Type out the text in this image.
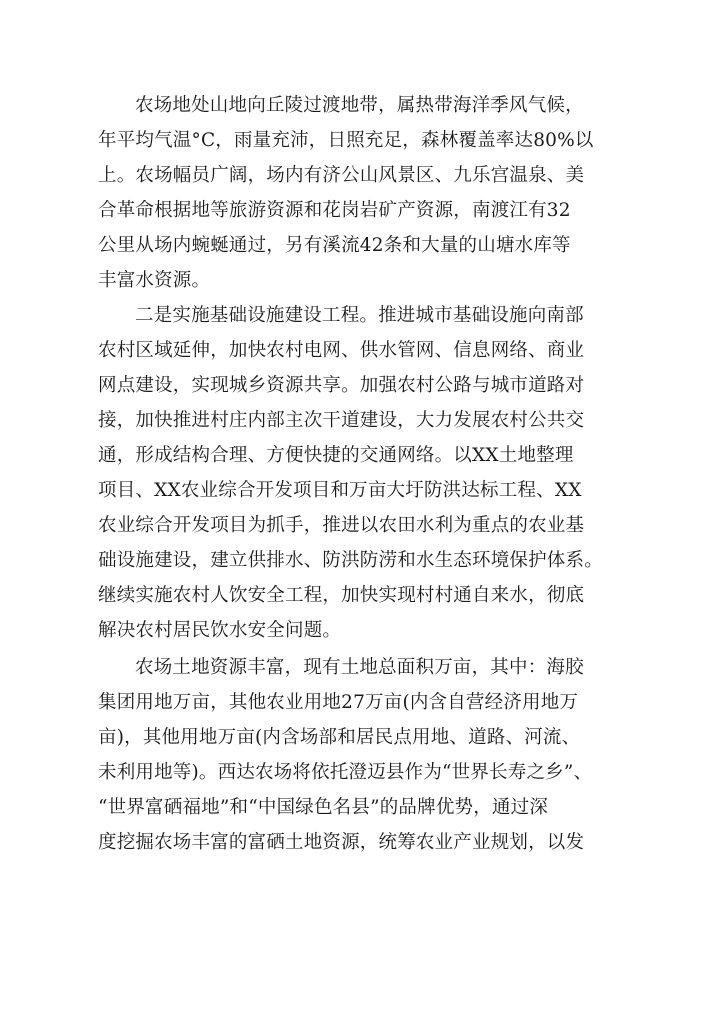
农场地处山地向丘陵过渡地带，属热带海洋季风气候，
年平均气温°C，雨量充沛，日照充足，森林覆盖率达80%以
上。农场幅员广阔，场内有济公山风景区、九乐宫温泉、美
合革命根据地等旅游资源和花岗岩矿产资源，南渡江有32
公里从场内蜿蜒通过，另有溪流42条和大量的山塘水库等
丰富水资源。
二是实施基础设施建设工程。推进城市基础设施向南部
农村区域延伸，加快农村电网、供水管网、信息网络、商业
网点建设，实现城乡资源共享。加强农村公路与城市道路对
接，加快推进村庄内部主次干道建设，大力发展农村公共交
通，形成结构合理、方便快捷的交通网络。以XX土地整理
项目、XX农业综合开发项目和万亩大圩防洪达标工程、XX
农业综合开发项目为抓手，推进以农田水利为重点的农业基
础设施建设，建立供排水、防洪防涝和水生态环境保护体系。
继续实施农村人饮安全工程，加快实现村村通自来水，彻底
解决农村居民饮水安全问题。
农场土地资源丰富，现有土地总面积万亩，其中：海胶
集团用地万亩，其他农业用地27万亩(内含自营经济用地万
亩)，其他用地万亩(内含场部和居民点用地、道路、河流、
未利用地等)。西达农场将依托澄迈县作为“世界长寿之乡”、
“世界富硒福地”和“中国绿色名县”的品牌优势，通过深
度挖掘农场丰富的富硒土地资源，统筹农业产业规划，以发
